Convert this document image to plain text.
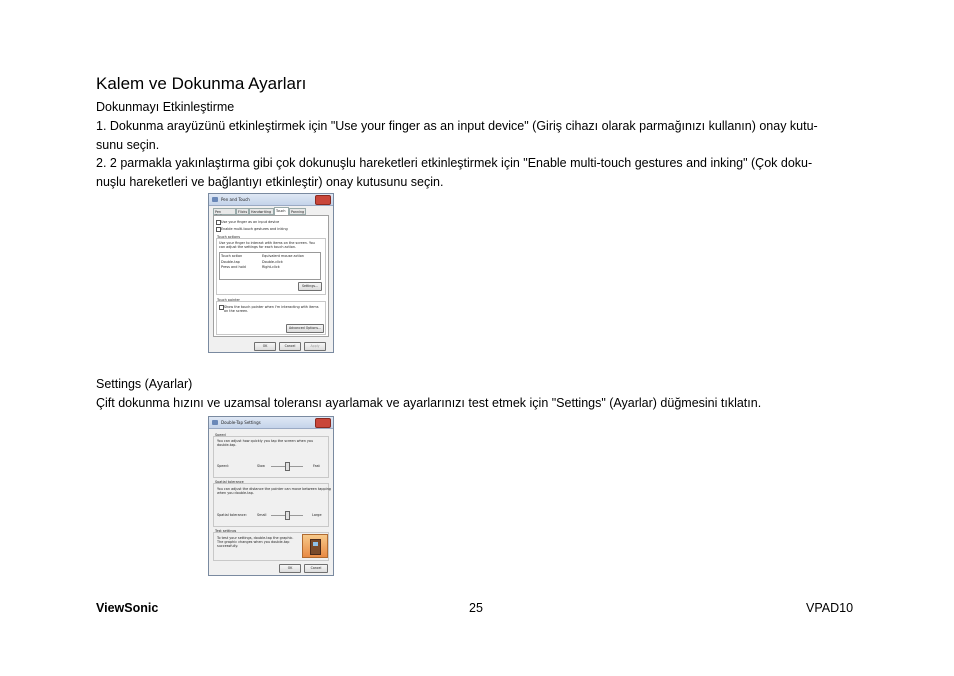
Kalem ve Dokunma Ayarları
Dokunmayı Etkinleştirme
1. Dokunma arayüzünü etkinleştirmek için "Use your finger as an input device" (Giriş cihazı olarak parmağınızı kullanın) onay kutu-
sunu seçin.
2. 2 parmakla yakınlaştırma gibi çok dokunuşlu hareketleri etkinleştirmek için "Enable multi-touch gestures and inking" (Çok doku-
nuşlu hareketleri ve bağlantıyı etkinleştir) onay kutusunu seçin.
Pen and Touch
Pen	Flicks	Handwriting	Touch	Panning
Use your finger as an input device
Enable multi-touch gestures and inking
Touch actions
Use your finger to interact with items on the screen. You
can adjust the settings for each touch action.
Touch action	Equivalent mouse action
Double-tap	Double-click
Press and hold	Right-click
Settings...
Touch pointer
Show the touch pointer when I'm interacting with items
on the screen.
Advanced Options...
OK	Cancel	Apply
Settings (Ayarlar)
Çift dokunma hızını ve uzamsal toleransı ayarlamak ve ayarlarınızı test etmek için "Settings" (Ayarlar) düğmesini tıklatın.
Double-Tap Settings
Speed
You can adjust how quickly you tap the screen when you
double-tap.
Speed:	Slow	Fast
Spatial tolerance
You can adjust the distance the pointer can move between tapping
when you double-tap.
Spatial tolerance:	Small	Large
Test settings
To test your settings, double-tap the graphic.
The graphic changes when you double-tap
successfully.
OK	Cancel
ViewSonic	25	VPAD10
